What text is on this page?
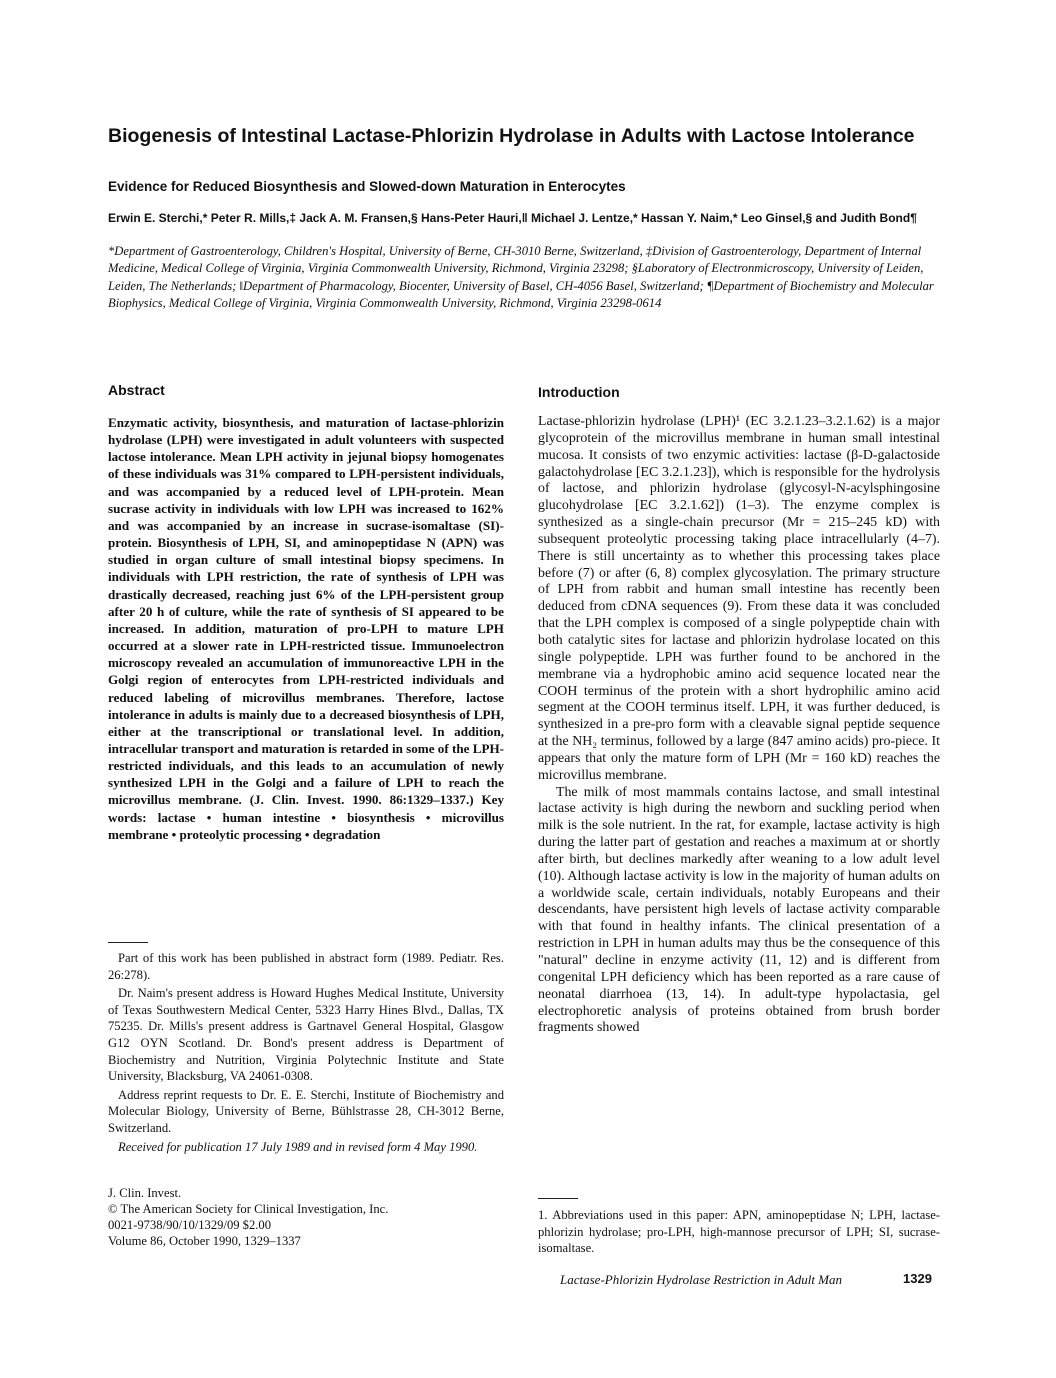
Biogenesis of Intestinal Lactase-Phlorizin Hydrolase in Adults with Lactose Intolerance
Evidence for Reduced Biosynthesis and Slowed-down Maturation in Enterocytes
Erwin E. Sterchi,* Peter R. Mills,‡ Jack A. M. Fransen,§ Hans-Peter Hauri,‖ Michael J. Lentze,* Hassan Y. Naim,* Leo Ginsel,§ and Judith Bond¶
*Department of Gastroenterology, Children's Hospital, University of Berne, CH-3010 Berne, Switzerland, ‡Division of Gastroenterology, Department of Internal Medicine, Medical College of Virginia, Virginia Commonwealth University, Richmond, Virginia 23298; §Laboratory of Electronmicroscopy, University of Leiden, Leiden, The Netherlands; ‖Department of Pharmacology, Biocenter, University of Basel, CH-4056 Basel, Switzerland; ¶Department of Biochemistry and Molecular Biophysics, Medical College of Virginia, Virginia Commonwealth University, Richmond, Virginia 23298-0614
Abstract
Enzymatic activity, biosynthesis, and maturation of lactase-phlorizin hydrolase (LPH) were investigated in adult volunteers with suspected lactose intolerance. Mean LPH activity in jejunal biopsy homogenates of these individuals was 31% compared to LPH-persistent individuals, and was accompanied by a reduced level of LPH-protein. Mean sucrase activity in individuals with low LPH was increased to 162% and was accompanied by an increase in sucrase-isomaltase (SI)-protein. Biosynthesis of LPH, SI, and aminopeptidase N (APN) was studied in organ culture of small intestinal biopsy specimens. In individuals with LPH restriction, the rate of synthesis of LPH was drastically decreased, reaching just 6% of the LPH-persistent group after 20 h of culture, while the rate of synthesis of SI appeared to be increased. In addition, maturation of pro-LPH to mature LPH occurred at a slower rate in LPH-restricted tissue. Immunoelectron microscopy revealed an accumulation of immunoreactive LPH in the Golgi region of enterocytes from LPH-restricted individuals and reduced labeling of microvillus membranes. Therefore, lactose intolerance in adults is mainly due to a decreased biosynthesis of LPH, either at the transcriptional or translational level. In addition, intracellular transport and maturation is retarded in some of the LPH-restricted individuals, and this leads to an accumulation of newly synthesized LPH in the Golgi and a failure of LPH to reach the microvillus membrane. (J. Clin. Invest. 1990. 86:1329–1337.) Key words: lactase • human intestine • biosynthesis • microvillus membrane • proteolytic processing • degradation

Part of this work has been published in abstract form (1989. Pediatr. Res. 26:278).

Dr. Naim's present address is Howard Hughes Medical Institute, University of Texas Southwestern Medical Center, 5323 Harry Hines Blvd., Dallas, TX 75235. Dr. Mills's present address is Gartnavel General Hospital, Glasgow G12 OYN Scotland. Dr. Bond's present address is Department of Biochemistry and Nutrition, Virginia Polytechnic Institute and State University, Blacksburg, VA 24061-0308.

Address reprint requests to Dr. E. E. Sterchi, Institute of Biochemistry and Molecular Biology, University of Berne, Bühlstrasse 28, CH-3012 Berne, Switzerland.

Received for publication 17 July 1989 and in revised form 4 May 1990.

J. Clin. Invest.
© The American Society for Clinical Investigation, Inc.
0021-9738/90/10/1329/09 $2.00
Volume 86, October 1990, 1329–1337
Introduction

Lactase-phlorizin hydrolase (LPH)¹ (EC 3.2.1.23–3.2.1.62) is a major glycoprotein of the microvillus membrane in human small intestinal mucosa. It consists of two enzymic activities: lactase (β-D-galactoside galactohydrolase [EC 3.2.1.23]), which is responsible for the hydrolysis of lactose, and phlorizin hydrolase (glycosyl-N-acylsphingosine glucohydrolase [EC 3.2.1.62]) (1–3). The enzyme complex is synthesized as a single-chain precursor (Mr = 215–245 kD) with subsequent proteolytic processing taking place intracellularly (4–7). There is still uncertainty as to whether this processing takes place before (7) or after (6, 8) complex glycosylation. The primary structure of LPH from rabbit and human small intestine has recently been deduced from cDNA sequences (9). From these data it was concluded that the LPH complex is composed of a single polypeptide chain with both catalytic sites for lactase and phlorizin hydrolase located on this single polypeptide. LPH was further found to be anchored in the membrane via a hydrophobic amino acid sequence located near the COOH terminus of the protein with a short hydrophilic amino acid segment at the COOH terminus itself. LPH, it was further deduced, is synthesized in a pre-pro form with a cleavable signal peptide sequence at the NH₂ terminus, followed by a large (847 amino acids) pro-piece. It appears that only the mature form of LPH (Mr = 160 kD) reaches the microvillus membrane.

The milk of most mammals contains lactose, and small intestinal lactase activity is high during the newborn and suckling period when milk is the sole nutrient. In the rat, for example, lactase activity is high during the latter part of gestation and reaches a maximum at or shortly after birth, but declines markedly after weaning to a low adult level (10). Although lactase activity is low in the majority of human adults on a worldwide scale, certain individuals, notably Europeans and their descendants, have persistent high levels of lactase activity comparable with that found in healthy infants. The clinical presentation of a restriction in LPH in human adults may thus be the consequence of this "natural" decline in enzyme activity (11, 12) and is different from congenital LPH deficiency which has been reported as a rare cause of neonatal diarrhoea (13, 14). In adult-type hypolactasia, gel electrophoretic analysis of proteins obtained from brush border fragments showed

1. Abbreviations used in this paper: APN, aminopeptidase N; LPH, lactase-phlorizin hydrolase; pro-LPH, high-mannose precursor of LPH; SI, sucrase-isomaltase.
Lactase-Phlorizin Hydrolase Restriction in Adult Man	1329
